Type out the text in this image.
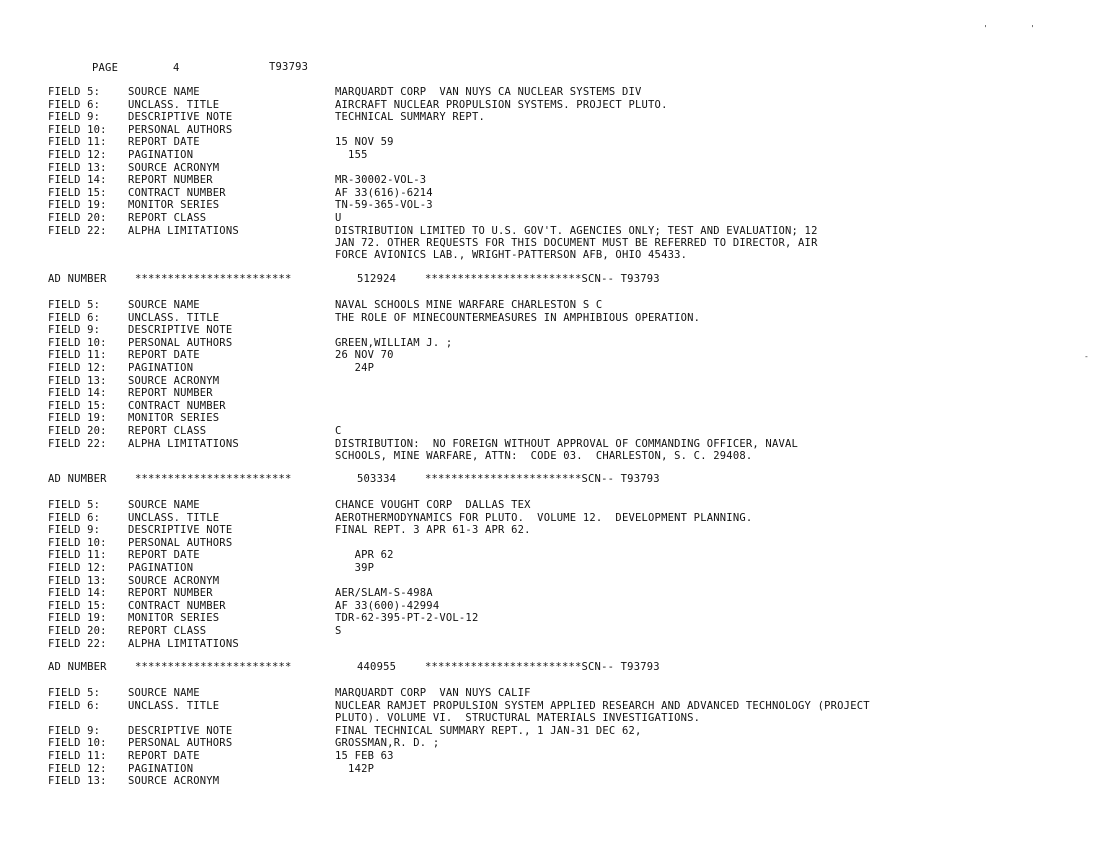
PAGE	4	T93793
FIELD 5:	SOURCE NAME	MARQUARDT CORP  VAN NUYS CA NUCLEAR SYSTEMS DIV
FIELD 6:	UNCLASS. TITLE	AIRCRAFT NUCLEAR PROPULSION SYSTEMS. PROJECT PLUTO.
FIELD 9:	DESCRIPTIVE NOTE	TECHNICAL SUMMARY REPT.
FIELD 10: PERSONAL AUTHORS
FIELD 11: REPORT DATE	15 NOV 59
FIELD 12: PAGINATION	155
FIELD 13: SOURCE ACRONYM
FIELD 14: REPORT NUMBER	MR-30002-VOL-3
FIELD 15: CONTRACT NUMBER	AF 33(616)-6214
FIELD 19: MONITOR SERIES	TN-59-365-VOL-3
FIELD 20: REPORT CLASS	U
FIELD 22: ALPHA LIMITATIONS	DISTRIBUTION LIMITED TO U.S. GOV'T. AGENCIES ONLY; TEST AND EVALUATION; 12
JAN 72. OTHER REQUESTS FOR THIS DOCUMENT MUST BE REFERRED TO DIRECTOR, AIR
FORCE AVIONICS LAB., WRIGHT-PATTERSON AFB, OHIO 45433.
AD NUMBER	************************	512924	************************SCN-- T93793
FIELD 5:	SOURCE NAME	NAVAL SCHOOLS MINE WARFARE CHARLESTON S C
FIELD 6:	UNCLASS. TITLE	THE ROLE OF MINECOUNTERMEASURES IN AMPHIBIOUS OPERATION.
FIELD 9:	DESCRIPTIVE NOTE
FIELD 10: PERSONAL AUTHORS	GREEN,WILLIAM J. ;
FIELD 11: REPORT DATE	26 NOV 70
FIELD 12: PAGINATION	24P
FIELD 13: SOURCE ACRONYM
FIELD 14: REPORT NUMBER
FIELD 15: CONTRACT NUMBER
FIELD 19: MONITOR SERIES
FIELD 20: REPORT CLASS	C
FIELD 22: ALPHA LIMITATIONS	DISTRIBUTION:  NO FOREIGN WITHOUT APPROVAL OF COMMANDING OFFICER, NAVAL
SCHOOLS, MINE WARFARE, ATTN:  CODE 03.  CHARLESTON, S. C. 29408.
AD NUMBER	************************	503334	************************SCN-- T93793
FIELD 5:	SOURCE NAME	CHANCE VOUGHT CORP  DALLAS TEX
FIELD 6:	UNCLASS. TITLE	AEROTHERMODYNAMICS FOR PLUTO.  VOLUME 12.  DEVELOPMENT PLANNING.
FIELD 9:	DESCRIPTIVE NOTE	FINAL REPT. 3 APR 61-3 APR 62.
FIELD 10: PERSONAL AUTHORS
FIELD 11: REPORT DATE	APR 62
FIELD 12: PAGINATION	39P
FIELD 13: SOURCE ACRONYM
FIELD 14: REPORT NUMBER	AER/SLAM-S-498A
FIELD 15: CONTRACT NUMBER	AF 33(600)-42994
FIELD 19: MONITOR SERIES	TDR-62-395-PT-2-VOL-12
FIELD 20: REPORT CLASS	S
FIELD 22: ALPHA LIMITATIONS
AD NUMBER	************************	440955	************************SCN-- T93793
FIELD 5:	SOURCE NAME	MARQUARDT CORP  VAN NUYS CALIF
FIELD 6:	UNCLASS. TITLE	NUCLEAR RAMJET PROPULSION SYSTEM APPLIED RESEARCH AND ADVANCED TECHNOLOGY (PROJECT
PLUTO). VOLUME VI.  STRUCTURAL MATERIALS INVESTIGATIONS.
FIELD 9:	DESCRIPTIVE NOTE	FINAL TECHNICAL SUMMARY REPT., 1 JAN-31 DEC 62,
FIELD 10: PERSONAL AUTHORS	GROSSMAN,R. D. ;
FIELD 11: REPORT DATE	15 FEB 63
FIELD 12: PAGINATION	142P
FIELD 13: SOURCE ACRONYM
'	'
-
